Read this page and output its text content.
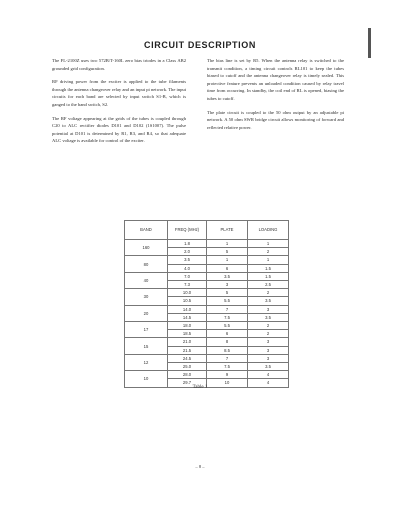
CIRCUIT DESCRIPTION

The FL-2100Z uses two 572B/T-160L zero bias triodes in a Class AB2 grounded grid configuration.

RF driving power from the exciter is applied to the tube filaments through the antenna changeover relay and an input pi network. The input circuits for each band are selected by input switch S1-B, which is ganged to the band switch, S2.

The RF voltage appearing at the grids of the tubes is coupled through C20 to ALC rectifier diodes D101 and D102 (1S1007). The pulse potential at D101 is determined by R1, R3, and R4, so that adequate ALC voltage is available for control of the exciter.

The bias line is set by R5. When the antenna relay is switched to the transmit condition, a timing circuit controls RL101 to keep the tubes biased to cutoff and the antenna changeover relay is timely sealed. This protective feature prevents an unloaded condition caused by relay travel time from occurring. In standby, the coil end of RL is opened, biasing the tubes to cutoff.

The plate circuit is coupled to the 50 ohm output by an adjustable pi network. A 50 ohm SWR bridge circuit allows monitoring of forward and reflected relative power.

BAND	FREQ (MHz)	PLATE	LOADING
160	1.8	1	1
	2.0	5	2
80	3.5	1	1
	4.0	6	1.5
40	7.0	3.5	1.5
	7.3	3	2.5
30	10.0	5	2
	10.5	5.5	3.5
20	14.0	7	3
	14.5	7.5	3.5
17	18.0	5.5	2
	18.5	6	2
15	21.0	8	3
	21.5	8.5	3
12	24.5	7	3
	25.0	7.5	3.5
10	28.0	9	4
	29.7	10	4
Table 1
– 8 –
